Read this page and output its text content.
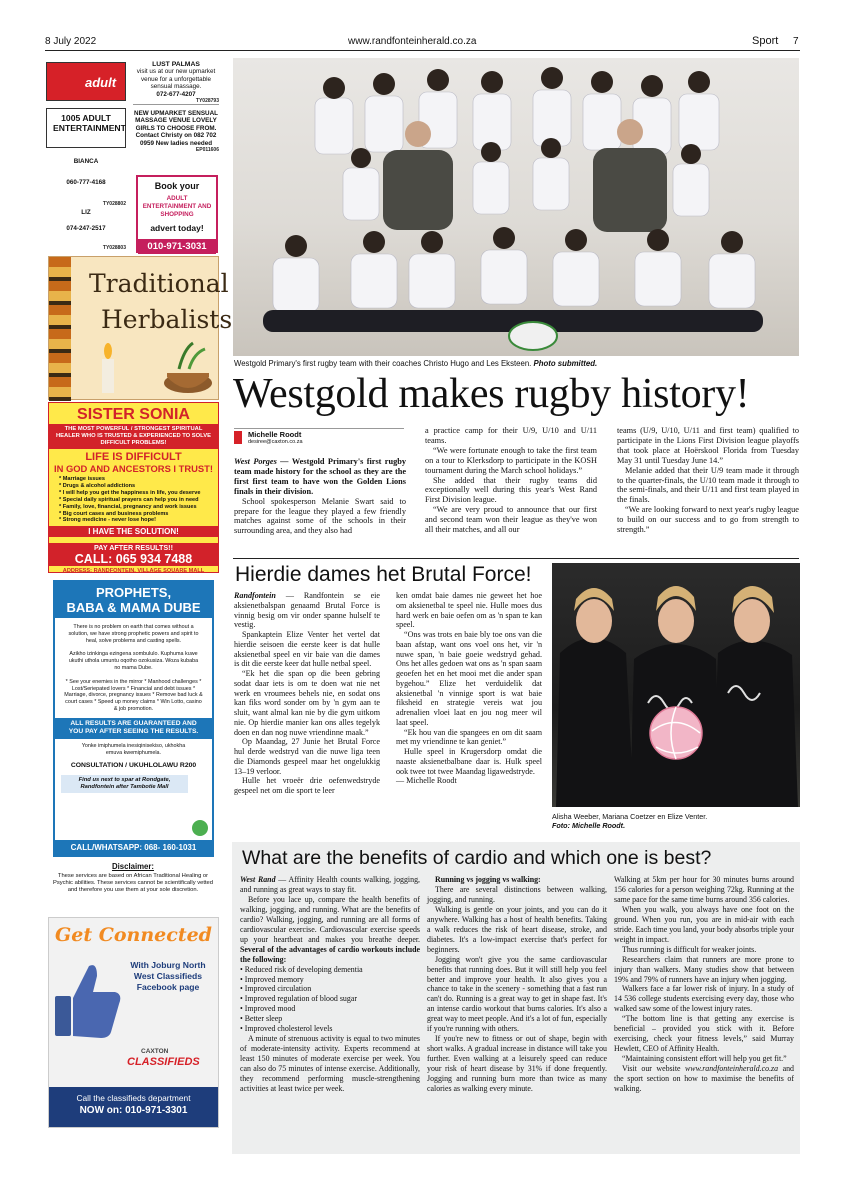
8 July 2022	www.randfonteinherald.co.za	Sport 7
adult
LUST PALMAS
visit us at our new upmarket venue for a unforgettable sensual massage.
072-677-4207
TY028793
1005 ADULT ENTERTAINMENT
NEW UPMARKET SENSUAL MASSAGE VENUE LOVELY GIRLS TO CHOOSE FROM. Contact Christy on 082 702 0959 New ladies needed
EP011606
BIANCA
060-777-4168
TY028802
LIZ
074-247-2517
TY028803
Book your
ADULT ENTERTAINMENT AND SHOPPING
advert today!
010-971-3031
Traditional
Herbalists
SISTER SONIA
THE MOST POWERFUL / STRONGEST SPIRITUAL HEALER WHO IS TRUSTED & EXPERIENCED TO SOLVE DIFFICULT PROBLEMS!
LIFE IS DIFFICULT
IN GOD AND ANCESTORS I TRUST!
* Marriage issues
* Drugs & alcohol addictions
* I will help you get the happiness in life, you deserve
* Special daily spiritual prayers can help you in need
* Family, love, financial, pregnancy and work issues
* Big court cases and business problems
* Strong medicine - never lose hope!
I HAVE THE SOLUTION!
PAY AFTER RESULTS!!
CALL: 065 934 7488
ADDRESS: RANDFONTEIN, VILLAGE SQUARE MALL
PROPHETS,
BABA & MAMA DUBE
There is no problem on earth that comes without a solution, we have strong prophetic powers and spirit to heal, solve problems and casting spells.
Azikho izinkinga ezingena sombululo. Kuphuma kuwe ukuthi uthola umuntu oqotho ozokusiza. Woza kubaba no mama Dube.
* See your enemies in the mirror * Manhood challenges * Lost/Seriepated lovers * Financial and debt issues * Marriage, divorce, pregnancy issues * Remove bad luck & court cases * Speed up money claims * Win Lotto, casino & job promotion.
ALL RESULTS ARE GUARANTEED AND YOU PAY AFTER SEEING THE RESULTS.
Yonke imiphumela inesiqinisekiso, ukhokha emuva kwemiphumela.
CONSULTATION / UKUHLOLAWU R200
Find us next to spar at Rondgate, Randfontein after Tambotie Mall
CALL/WHATSAPP: 068- 160-1031
Disclaimer:
These services are based on African Traditional Healing or Psychic abilities. These services cannot be scientifically vetted and therefore you use them at your sole discretion.
Get Connected
With Joburg North West Classifieds Facebook page
CAXTON
CLASSIFIEDS
Call the classifieds department
NOW on: 010-971-3301
Westgold Primary's first rugby team with their coaches Christo Hugo and Les Eksteen. Photo submitted.
Westgold makes rugby history!
Michelle Roodt
desiree@caxton.co.za

West Porges — Westgold Primary's first rugby team made history for the school as they are the first first team to have won the Golden Lions finals in their division.

School spokesperson Melanie Swart said to prepare for the league they played a few friendly matches against some of the schools in their surrounding area, and they also had

a practice camp for their U/9, U/10 and U/11 teams.

“We were fortunate enough to take the first team on a tour to Klerksdorp to participate in the KOSH tournament during the March school holidays.”

She added that their rugby teams did exceptionally well during this year's West Rand First Division league.

“We are very proud to announce that our first and second team won their league as they've won all their matches, and all our

teams (U/9, U/10, U/11 and first team) qualified to participate in the Lions First Division league playoffs that took place at Hoërskool Florida from Tuesday May 31 until Tuesday June 14.”

Melanie added that their U/9 team made it through to the quarter-finals, the U/10 team made it through to the semi-finals, and their U/11 and first team played in the finals.

“We are looking forward to next year's rugby league to build on our success and to go from strength to strength.”

Hierdie dames het Brutal Force!

Randfontein — Randfontein se eie aksienetbalspan genaamd Brutal Force is vinnig besig om vir onder spanne hulself te vestig.

Spankaptein Elize Venter het vertel dat hierdie seisoen die eerste keer is dat hulle aksienetbal speel en vir baie van die dames is dit die eerste keer dat hulle netbal speel.

“Ek het die span op die been gebring sodat daar iets is om te doen wat nie net werk en vroumees behels nie, en sodat ons kan fiks word sonder om by 'n gym aan te sluit, want almal kan nie by die gym uitkom nie. Op hierdie manier kan ons alles tegelyk doen en dan nog nuwe vriendinne maak.”

Op Maandag, 27 Junie het Brutal Force hul derde wedstryd van die nuwe liga teen die Diamonds gespeel maar het ongelukkig 13–19 verloor.

Hulle het vroeër drie oefenwedstryde gespeel net om die sport te leer

ken omdat baie dames nie geweet het hoe om aksienetbal te speel nie. Hulle moes dus hard werk en baie oefen om as 'n span te kan speel.

“Ons was trots en baie bly toe ons van die baan afstap, want ons voel ons het, vir 'n nuwe span, 'n baie goeie wedstryd gehad. Ons het alles gedoen wat ons as 'n span saam geoefen het en het mooi met die ander span bygehou.” Elize het verduidelik dat aksienetbal 'n vinnige sport is wat baie fiksheid en strategie vereis wat jou adrenalien vloei laat en jou nog meer wil laat speel.

“Ek hou van die spangees en om dit saam met my vriendinne te kan geniet.”

Hulle speel in Krugersdorp omdat die naaste aksienetbalbane daar is. Hulk speel ook twee tot twee Maandag ligawedstryde.

— Michelle Roodt

Alisha Weeber, Mariana Coetzer en Elize Venter.
Foto: Michelle Roodt.
What are the benefits of cardio and which one is best?

West Rand — Affinity Health counts walking, jogging, and running as great ways to stay fit.

Before you lace up, compare the health benefits of walking, jogging, and running. What are the benefits of cardio? Walking, jogging, and running are all forms of cardiovascular exercise. Cardiovascular exercise speeds up your heartbeat and makes you breathe deeper. Several of the advantages of cardio workouts include the following:

• Reduced risk of developing dementia
• Improved memory
• Improved circulation
• Improved regulation of blood sugar
• Improved mood
• Better sleep
• Improved cholesterol levels

A minute of strenuous activity is equal to two minutes of moderate-intensity activity. Experts recommend at least 150 minutes of moderate exercise per week. You can also do 75 minutes of intense exercise. Additionally, they recommend performing muscle-strengthening activities at least twice per week.

Running vs jogging vs walking:

There are several distinctions between walking, jogging, and running.

Walking is gentle on your joints, and you can do it anywhere. Walking has a host of health benefits. Taking a walk reduces the risk of heart disease, stroke, and diabetes. It's a low-impact exercise that's perfect for beginners.

Jogging won't give you the same cardiovascular benefits that running does. But it will still help you feel better and improve your health. It also gives you a chance to take in the scenery - something that a fast run can't do. Running is a great way to get in shape fast. It's an intense cardio workout that burns calories. It's also a great way to meet people. And it's a lot of fun, especially if you're running with others.

If you're new to fitness or out of shape, begin with short walks. A gradual increase in distance will take you further. Even walking at a leisurely speed can reduce your risk of heart disease by 31% if done frequently. Jogging and running burn more than twice as many calories as walking every minute.

Walking at 5km per hour for 30 minutes burns around 156 calories for a person weighing 72kg. Running at the same pace for the same time burns around 356 calories.

When you walk, you always have one foot on the ground. When you run, you are in mid-air with each stride. Each time you land, your body absorbs triple your weight in impact.

Thus running is difficult for weaker joints.

Researchers claim that runners are more prone to injury than walkers. Many studies show that between 19% and 79% of runners have an injury when jogging.

Walkers face a far lower risk of injury. In a study of 14 536 college students exercising every day, those who walked saw some of the lowest injury rates.

“The bottom line is that getting any exercise is beneficial – provided you stick with it. Before exercising, check your fitness levels,” said Murray Hewlett, CEO of Affinity Health.

“Maintaining consistent effort will help you get fit.”

Visit our website www.randfonteinherald.co.za and the sport section on how to maximise the benefits of walking.
